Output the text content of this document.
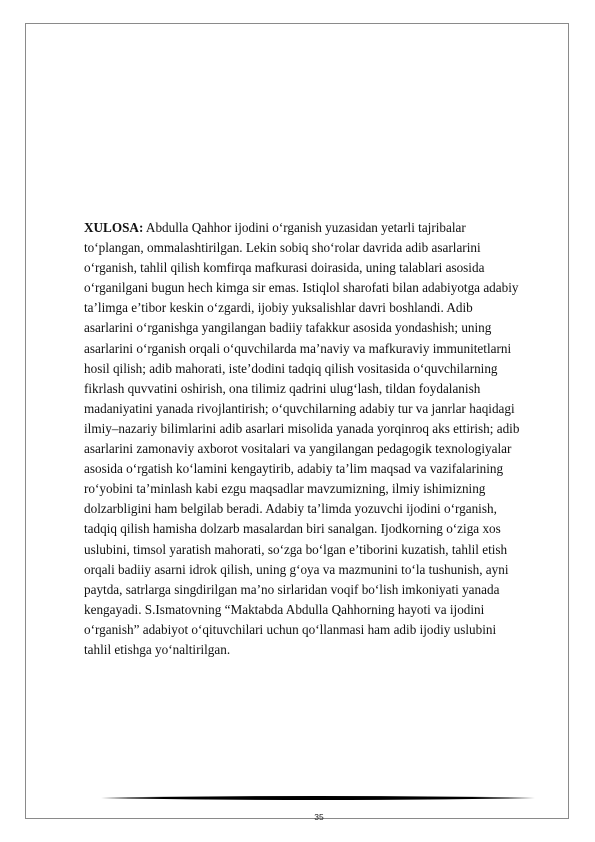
XULOSA: Abdulla Qahhor ijodini o‘rganish yuzasidan yetarli tajribalar
to‘plangan, ommalashtirilgan. Lekin sobiq sho‘rolar davrida adib asarlarini
o‘rganish, tahlil qilish komfirqa mafkurasi doirasida, uning talablari asosida
o‘rganilgani bugun hech kimga sir emas. Istiqlol sharofati bilan adabiyotga adabiy
ta’limga e’tibor keskin o‘zgardi, ijobiy yuksalishlar davri boshlandi. Adib
asarlarini o‘rganishga yangilangan badiiy tafakkur asosida yondashish; uning
asarlarini o‘rganish orqali o‘quvchilarda ma’naviy va mafkuraviy immunitetlarni
hosil qilish; adib mahorati, iste’dodini tadqiq qilish vositasida o‘quvchilarning
fikrlash quvvatini oshirish, ona tilimiz qadrini ulug‘lash, tildan foydalanish
madaniyatini yanada rivojlantirish; o‘quvchilarning adabiy tur va janrlar haqidagi
ilmiy–nazariy bilimlarini adib asarlari misolida yanada yorqinroq aks ettirish; adib
asarlarini zamonaviy axborot vositalari va yangilangan pedagogik texnologiyalar
asosida o‘rgatish ko‘lamini kengaytirib, adabiy ta’lim maqsad va vazifalarining
ro‘yobini ta’minlash kabi ezgu maqsadlar mavzumizning, ilmiy ishimizning
dolzarbligini ham belgilab beradi. Adabiy ta’limda yozuvchi ijodini o‘rganish,
tadqiq qilish hamisha dolzarb masalardan biri sanalgan. Ijodkorning o‘ziga xos
uslubini, timsol yaratish mahorati, so‘zga bo‘lgan e’tiborini kuzatish, tahlil etish
orqali badiiy asarni idrok qilish, uning g‘oya va mazmunini to‘la tushunish, ayni
paytda, satrlarga singdirilgan ma’no sirlaridan voqif bo‘lish imkoniyati yanada
kengayadi. S.Ismatovning “Maktabda Abdulla Qahhorning hayoti va ijodini
o‘rganish” adabiyot o‘qituvchilari uchun qo‘llanmasi ham adib ijodiy uslubini
tahlil etishga yo‘naltirilgan.
35
